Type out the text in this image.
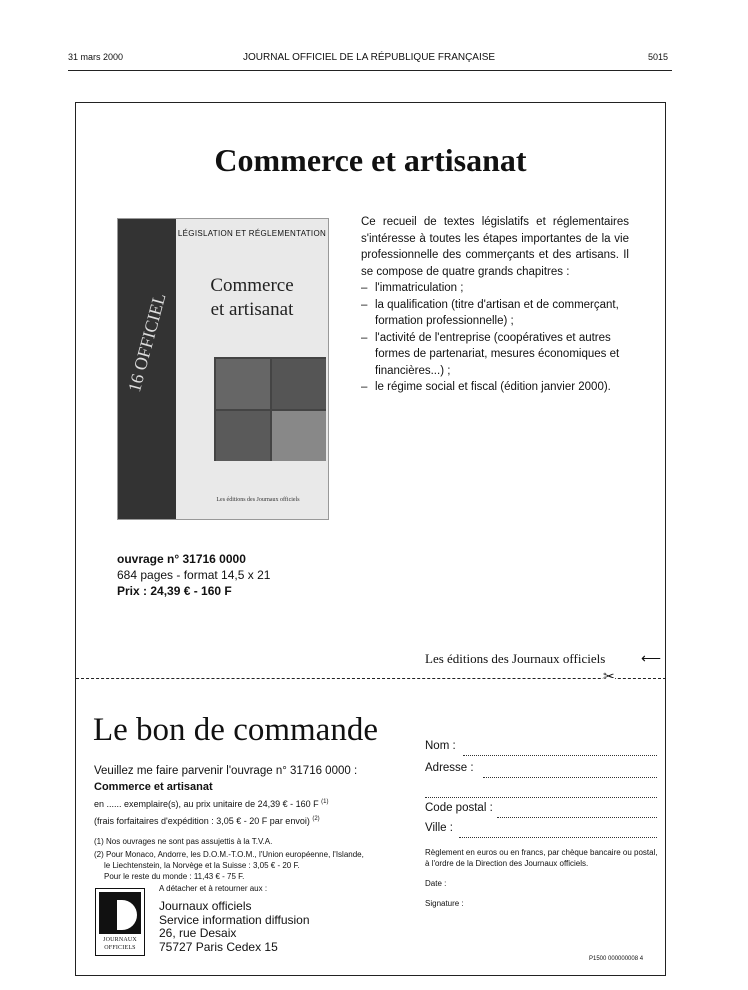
31 mars 2000	JOURNAL OFFICIEL DE LA RÉPUBLIQUE FRANÇAISE	5015
Commerce et artisanat
16 OFFICIEL
LÉGISLATION ET RÉGLEMENTATION
Commerce
et artisanat
Les éditions des Journaux officiels
Ce recueil de textes législatifs et réglementaires s'intéresse à toutes les étapes importantes de la vie professionnelle des commerçants et des artisans. Il se compose de quatre grands chapitres :
– l'immatriculation ;
– la qualification (titre d'artisan et de commerçant, formation professionnelle) ;
– l'activité de l'entreprise (coopératives et autres formes de partenariat, mesures économiques et financières...) ;
– le régime social et fiscal (édition janvier 2000).
ouvrage n° 31716 0000
684 pages - format 14,5 x 21
Prix : 24,39 € - 160 F
Les éditions des Journaux officiels	⟵
✂
Le bon de commande
Veuillez me faire parvenir l'ouvrage n° 31716 0000 :
Commerce et artisanat
en ...... exemplaire(s), au prix unitaire de 24,39 € - 160 F $^{(1)}$
(frais forfaitaires d'expédition : 3,05 € - 20 F par envoi) $^{(2)}$
(1) Nos ouvrages ne sont pas assujettis à la T.V.A.
(2) Pour Monaco, Andorre, les D.O.M.-T.O.M., l'Union européenne, l'Islande,
le Liechtenstein, la Norvège et la Suisse : 3,05 € - 20 F.
Pour le reste du monde : 11,43 € - 75 F.
A détacher et à retourner aux :
JOURNAUX
OFFICIELS
Journaux officiels
Service information diffusion
26, rue Desaix
75727 Paris Cedex 15
Nom :
Adresse :
Code postal :
Ville :
Règlement en euros ou en francs, par chèque bancaire ou postal, à l'ordre de la Direction des Journaux officiels.
Date :
Signature :
P1500 000000008 4
